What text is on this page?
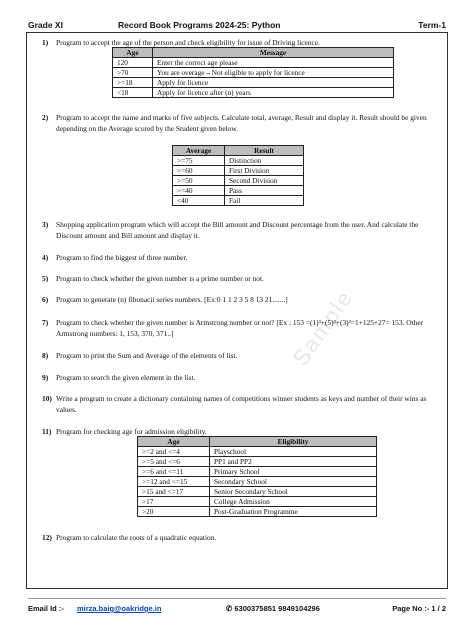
Grade XI	Record Book Programs 2024-25: Python	Term-1
Sample
1) Program to accept the age of the person and check eligibility for issue of Driving licence.
Age	Message
120	Enter the correct age please
>70	You are overage→Not eligible to apply for licence
>=18	Apply for licence
<18	Apply for licence after (n) years
2) Program to accept the name and marks of five subjects. Calculate total, average, Result and display it. Result should be given depending on the Average scored by the Student given below.
Average	Result
>=75	Distinction
>=60	First Division
>=50	Second Division
>=40	Pass
<40	Fail
3) Shopping application program which will accept the Bill amount and Discount percentage from the user. And calculate the Discount amount and Bill amount and display it.
4) Program to find the biggest of three number.
5) Program to check whether the given number is a prime number or not.
6) Program to generate (n) fibonacii series numbers. [Ex:0 1 1 2 3 5 8 13 21.......]
7) Program to check whether the given number is Armstrong number or not? [Ex : 153 =(1)³+(5)³+(3)³=1+125+27= 153. Other Armstrong numbers: 1, 153, 370, 371..]
8) Program to print the Sum and Average of the elements of list.
9) Program to search the given element in the list.
10) Write a program to create a dictionary containing names of competitions winner students as keys and number of their wins as values.
11) Program for checking age for admission eligibility.
Age	Eligibility
>=2 and <=4	Playschool
>=5 and <=6	PP1 and PP2
>=6 and <=11	Primary School
>=12 and <=15	Secondary School
>15 and <=17	Senior Secondary School
>17	College Admission
>20	Post-Graduation Programme
12) Program to calculate the roots of a quadratic equation.
Email Id :- mirza.baig@oakridge.in	✆ 6300375851 9849104296	Page No :- 1 / 2
